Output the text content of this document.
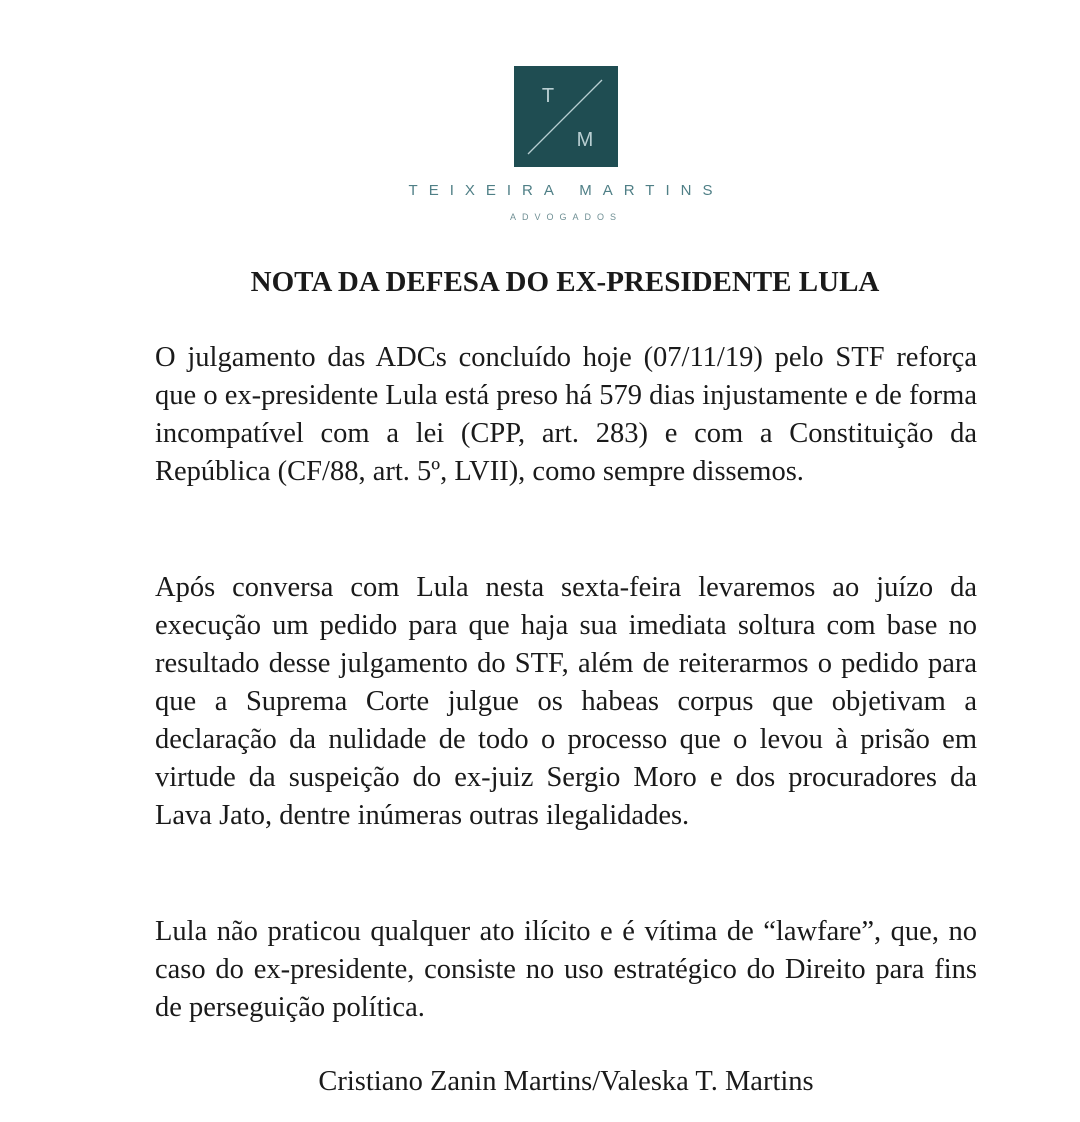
T
M
TEIXEIRA MARTINS
ADVOGADOS
NOTA DA DEFESA DO EX-PRESIDENTE LULA

O julgamento das ADCs concluído hoje (07/11/19) pelo STF reforça que o ex-presidente Lula está preso há 579 dias injustamente e de forma incompatível com a lei (CPP, art. 283) e com a Constituição da República (CF/88, art. 5º, LVII), como sempre dissemos.

Após conversa com Lula nesta sexta-feira levaremos ao juízo da execução um pedido para que haja sua imediata soltura com base no resultado desse julgamento do STF, além de reiterarmos o pedido para que a Suprema Corte julgue os habeas corpus que objetivam a declaração da nulidade de todo o processo que o levou à prisão em virtude da suspeição do ex-juiz Sergio Moro e dos procuradores da Lava Jato, dentre inúmeras outras ilegalidades.

Lula não praticou qualquer ato ilícito e é vítima de “lawfare”, que, no caso do ex-presidente, consiste no uso estratégico do Direito para fins de perseguição política.

Cristiano Zanin Martins/Valeska T. Martins
